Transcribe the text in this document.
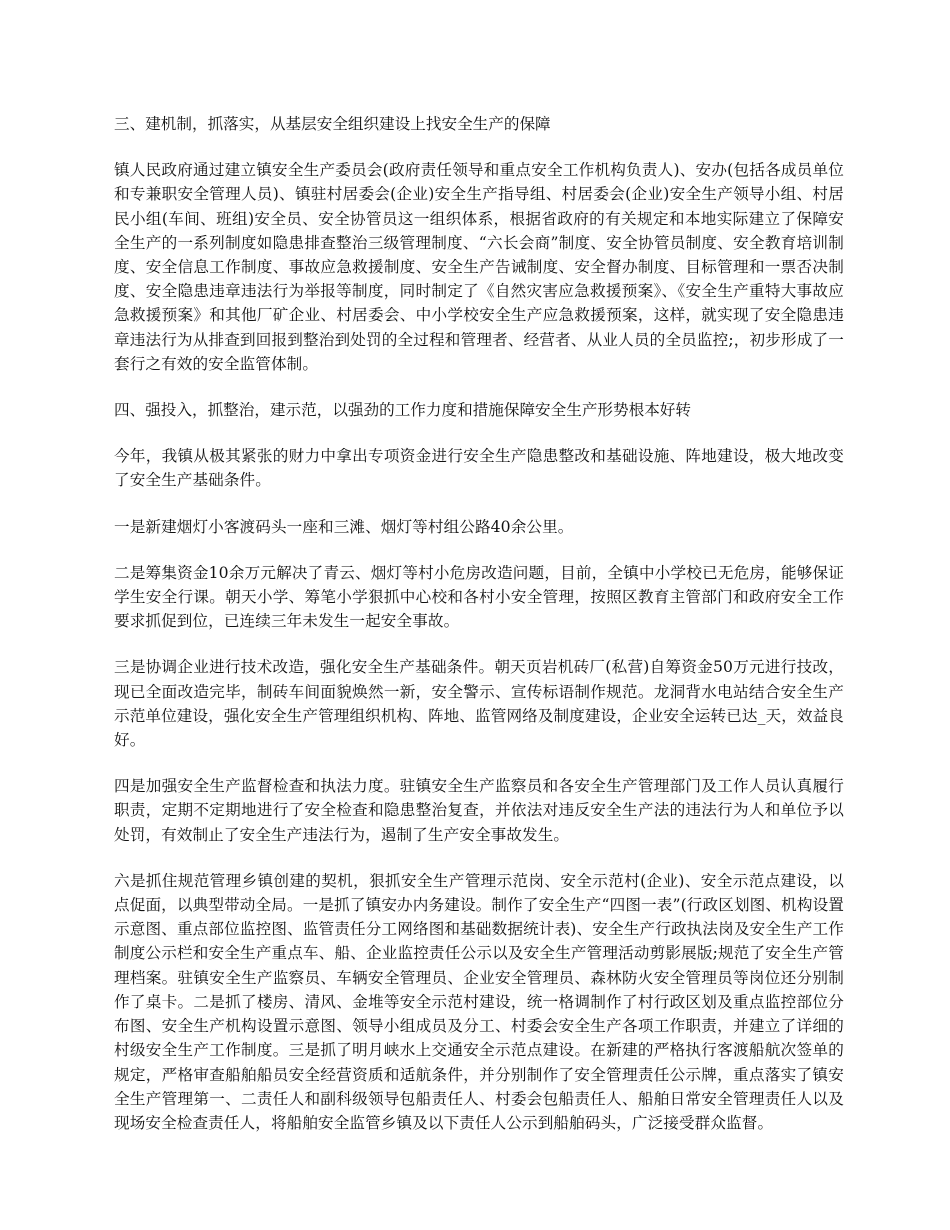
三、建机制，抓落实，从基层安全组织建设上找安全生产的保障

镇人民政府通过建立镇安全生产委员会(政府责任领导和重点安全工作机构负责人)、安办(包括各成员单位和专兼职安全管理人员)、镇驻村居委会(企业)安全生产指导组、村居委会(企业)安全生产领导小组、村居民小组(车间、班组)安全员、安全协管员这一组织体系，根据省政府的有关规定和本地实际建立了保障安全生产的一系列制度如隐患排查整治三级管理制度、“六长会商”制度、安全协管员制度、安全教育培训制度、安全信息工作制度、事故应急救援制度、安全生产告诫制度、安全督办制度、目标管理和一票否决制度、安全隐患违章违法行为举报等制度，同时制定了《自然灾害应急救援预案》、《安全生产重特大事故应急救援预案》和其他厂矿企业、村居委会、中小学校安全生产应急救援预案，这样，就实现了安全隐患违章违法行为从排查到回报到整治到处罚的全过程和管理者、经营者、从业人员的全员监控;，初步形成了一套行之有效的安全监管体制。

四、强投入，抓整治，建示范，以强劲的工作力度和措施保障安全生产形势根本好转

今年，我镇从极其紧张的财力中拿出专项资金进行安全生产隐患整改和基础设施、阵地建设，极大地改变了安全生产基础条件。

一是新建烟灯小客渡码头一座和三滩、烟灯等村组公路40余公里。

二是筹集资金10余万元解决了青云、烟灯等村小危房改造问题，目前，全镇中小学校已无危房，能够保证学生安全行课。朝天小学、筹笔小学狠抓中心校和各村小安全管理，按照区教育主管部门和政府安全工作要求抓促到位，已连续三年未发生一起安全事故。

三是协调企业进行技术改造，强化安全生产基础条件。朝天页岩机砖厂(私营)自筹资金50万元进行技改，现已全面改造完毕，制砖车间面貌焕然一新，安全警示、宣传标语制作规范。龙洞背水电站结合安全生产示范单位建设，强化安全生产管理组织机构、阵地、监管网络及制度建设，企业安全运转已达_天，效益良好。

四是加强安全生产监督检查和执法力度。驻镇安全生产监察员和各安全生产管理部门及工作人员认真履行职责，定期不定期地进行了安全检查和隐患整治复查，并依法对违反安全生产法的违法行为人和单位予以处罚，有效制止了安全生产违法行为，遏制了生产安全事故发生。

六是抓住规范管理乡镇创建的契机，狠抓安全生产管理示范岗、安全示范村(企业)、安全示范点建设，以点促面，以典型带动全局。一是抓了镇安办内务建设。制作了安全生产“四图一表”(行政区划图、机构设置示意图、重点部位监控图、监管责任分工网络图和基础数据统计表)、安全生产行政执法岗及安全生产工作制度公示栏和安全生产重点车、船、企业监控责任公示以及安全生产管理活动剪影展版;规范了安全生产管理档案。驻镇安全生产监察员、车辆安全管理员、企业安全管理员、森林防火安全管理员等岗位还分别制作了桌卡。二是抓了楼房、清风、金堆等安全示范村建设，统一格调制作了村行政区划及重点监控部位分布图、安全生产机构设置示意图、领导小组成员及分工、村委会安全生产各项工作职责，并建立了详细的村级安全生产工作制度。三是抓了明月峡水上交通安全示范点建设。在新建的严格执行客渡船航次签单的规定，严格审查船舶船员安全经营资质和适航条件，并分别制作了安全管理责任公示牌，重点落实了镇安全生产管理第一、二责任人和副科级领导包船责任人、村委会包船责任人、船舶日常安全管理责任人以及现场安全检查责任人，将船舶安全监管乡镇及以下责任人公示到船舶码头，广泛接受群众监督。
